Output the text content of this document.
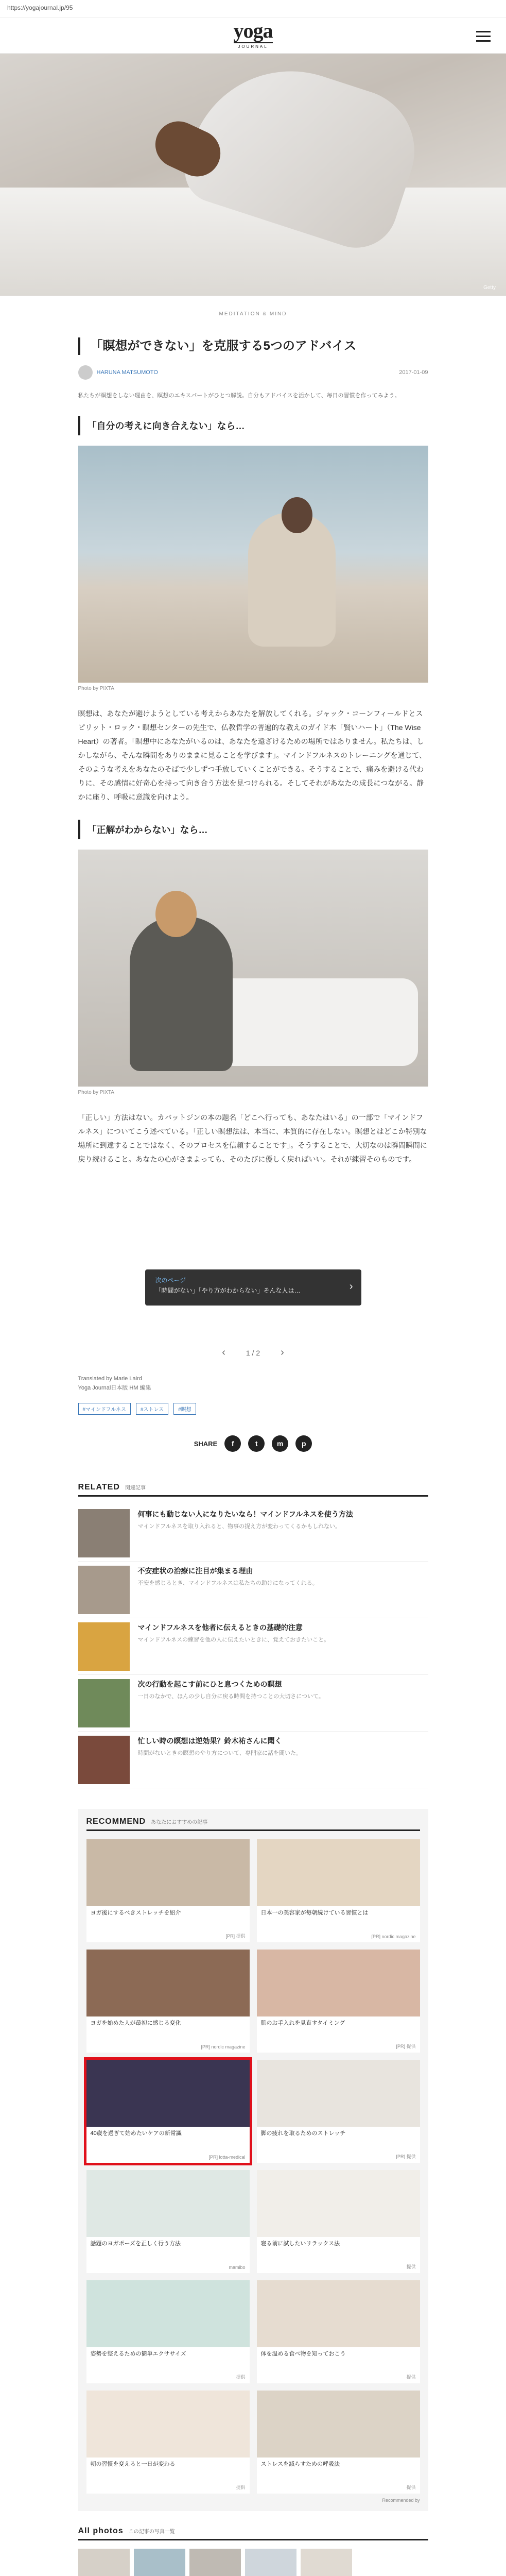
https://yogajournal.jp/95
yoga
JOURNAL
Getty
MEDITATION & MIND
「瞑想ができない」を克服する5つのアドバイス
HARUNA MATSUMOTO	2017-01-09

私たちが瞑想をしない理由を、瞑想のエキスパートがひとつ解説。自分もアドバイスを活かして、毎日の習慣を作ってみよう。

「自分の考えに向き合えない」なら…
Photo by PIXTA

瞑想は、あなたが避けようとしている考えからあなたを解放してくれる。ジャック・コーンフィールドとスピリット・ロック・瞑想センターの先生で、仏教哲学の普遍的な教えのガイド本「賢いハート」（The Wise Heart）の著者。「瞑想中にあなたがいるのは、あなたを遠ざけるための場所ではありません。私たちは、しかしながら、そんな瞬間をありのままに見ることを学びます」。マインドフルネスのトレーニングを通じて、そのような考えをあなたのそばで少しずつ手放していくことができる。そうすることで、痛みを避ける代わりに、その感情に好奇心を持って向き合う方法を見つけられる。そしてそれがあなたの成長につながる。静かに座り、呼吸に意識を向けよう。

「正解がわからない」なら…
Photo by PIXTA

「正しい」方法はない。カバットジンの本の題名「どこへ行っても、あなたはいる」の一部で「マインドフルネス」についてこう述べている。「正しい瞑想法は、本当に、本質的に存在しない。瞑想とはどこか特別な場所に到達することではなく、そのプロセスを信頼することです」。そうすることで、大切なのは瞬間瞬間に戻り続けること。あなたの心がさまよっても、そのたびに優しく戻ればいい。それが練習そのものです。

次のページ
「時間がない」「やり方がわからない」そんな人は…	›
‹	1 / 2 ›
Translated by Marie Laird
Yoga Journal日本版 HM 編集
#マインドフルネス	#ストレス	#瞑想
SHARE	f	t	m	p
RELATED 関連記事
何事にも動じない人になりたいなら！マインドフルネスを使う方法
マインドフルネスを取り入れると、物事の捉え方が変わってくるかもしれない。
不安症状の治療に注目が集まる理由
不安を感じるとき、マインドフルネスは私たちの助けになってくれる。
マインドフルネスを他者に伝えるときの基礎的注意
マインドフルネスの練習を他の人に伝えたいときに、覚えておきたいこと。
次の行動を起こす前にひと息つくための瞑想
一日のなかで、ほんの少し自分に戻る時間を持つことの大切さについて。
忙しい時の瞑想は逆効果？鈴木祐さんに聞く
時間がないときの瞑想のやり方について、専門家に話を聞いた。
RECOMMEND あなたにおすすめの記事
ヨガ後にするべきストレッチを紹介
[PR] 提供
日本一の美容家が毎朝続けている習慣とは
[PR] nordic magazine
ヨガを始めた人が最初に感じる変化
[PR] nordic magazine
肌のお手入れを見直すタイミング
[PR] 提供
40歳を過ぎて始めたいケアの新常識
[PR] lotta-medical
脚の疲れを取るためのストレッチ
[PR] 提供
話題のヨガポーズを正しく行う方法
mamibo
寝る前に試したいリラックス法
提供
姿勢を整えるための簡単エクササイズ
提供
体を温める食べ物を知っておこう
提供
朝の習慣を変えると一日が変わる
提供
ストレスを減らすための呼吸法
提供
Recommended by
All photos この記事の写真一覧
